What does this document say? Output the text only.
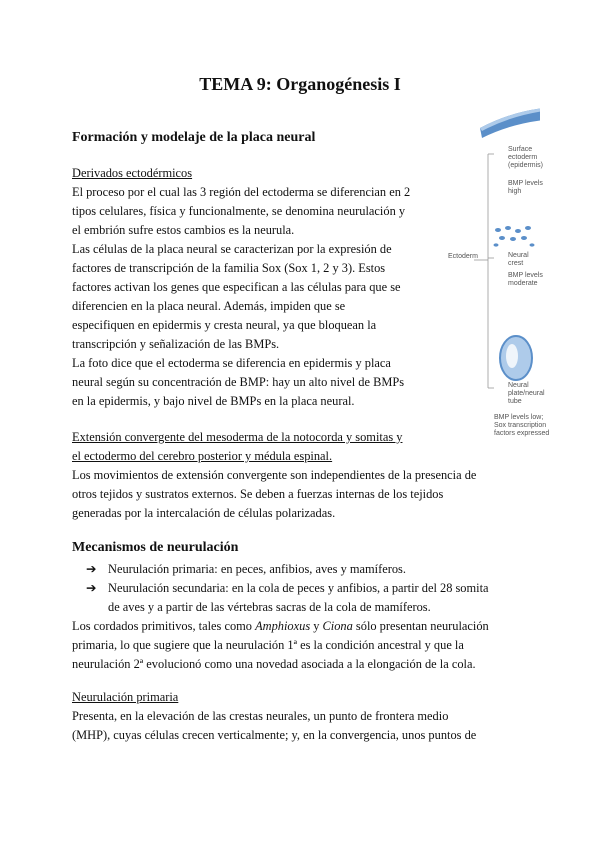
TEMA 9: Organogénesis I
Formación y modelaje de la placa neural
Derivados ectodérmicos
El proceso por el cual las 3 región del ectoderma se diferencian en 2
tipos celulares, física y funcionalmente, se denomina neurulación y
el embrión sufre estos cambios es la neurula.
Las células de la placa neural se caracterizan por la expresión de
factores de transcripción de la familia Sox (Sox 1, 2 y 3). Estos
factores activan los genes que especifican a las células para que se
diferencien en la placa neural. Además, impiden que se
especifiquen en epidermis y cresta neural, ya que bloquean la
transcripción y señalización de las BMPs.
La foto dice que el ectoderma se diferencia en epidermis y placa
neural según su concentración de BMP: hay un alto nivel de BMPs
en la epidermis, y bajo nivel de BMPs en la placa neural.
Extensión convergente del mesoderma de la notocorda y somitas y
el ectodermo del cerebro posterior y médula espinal.
Los movimientos de extensión convergente son independientes de la presencia de
otros tejidos y sustratos externos. Se deben a fuerzas internas de los tejidos
generadas por la intercalación de células polarizadas.
Mecanismos de neurulación
➔ Neurulación primaria: en peces, anfibios, aves y mamíferos.
➔ Neurulación secundaria: en la cola de peces y anfibios, a partir del 28 somita
de aves y a partir de las vértebras sacras de la cola de mamíferos.
Los cordados primitivos, tales como Amphioxus y Ciona sólo presentan neurulación
primaria, lo que sugiere que la neurulación 1ª es la condición ancestral y que la
neurulación 2ª evolucionó como una novedad asociada a la elongación de la cola.
Neurulación primaria
Presenta, en la elevación de las crestas neurales, un punto de frontera medio
(MHP), cuyas células crecen verticalmente; y, en la convergencia, unos puntos de
Ectoderm
Surface
ectoderm
(epidermis)
BMP levels
high
Neural
crest
BMP levels
moderate
Neural
plate/neural
tube
BMP levels low;
Sox transcription
factors expressed
